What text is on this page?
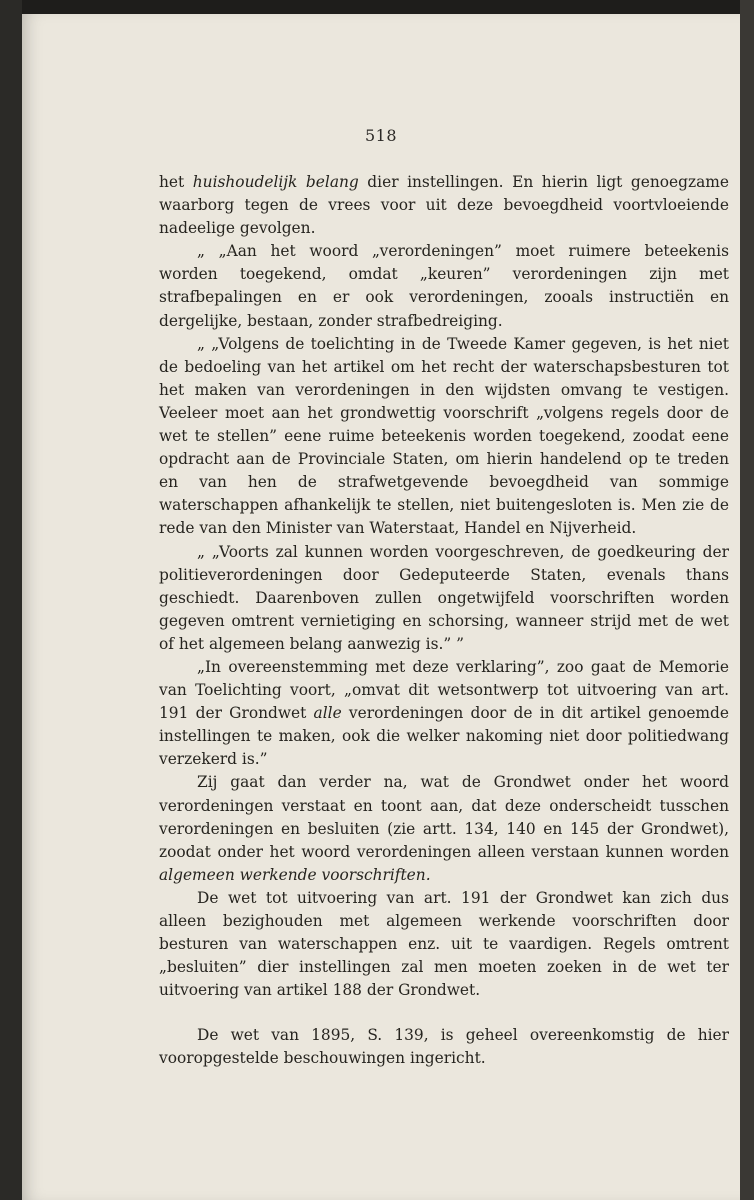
518

het huishoudelijk belang dier instellingen. En hierin ligt genoegzame waarborg tegen de vrees voor uit deze bevoegdheid voortvloeiende nadeelige gevolgen.

„ „Aan het woord „verordeningen” moet ruimere beteekenis worden toegekend, omdat „keuren” verordeningen zijn met strafbepalingen en er ook verordeningen, zooals instructiën en dergelijke, bestaan, zonder strafbedreiging.

„ „Volgens de toelichting in de Tweede Kamer gegeven, is het niet de bedoeling van het artikel om het recht der waterschapsbesturen tot het maken van verordeningen in den wijdsten omvang te vestigen. Veeleer moet aan het grondwettig voorschrift „volgens regels door de wet te stellen” eene ruime beteekenis worden toegekend, zoodat eene opdracht aan de Provinciale Staten, om hierin handelend op te treden en van hen de strafwetgevende bevoegdheid van sommige waterschappen afhankelijk te stellen, niet buitengesloten is. Men zie de rede van den Minister van Waterstaat, Handel en Nijverheid.

„ „Voorts zal kunnen worden voorgeschreven, de goedkeuring der politieverordeningen door Gedeputeerde Staten, evenals thans geschiedt. Daarenboven zullen ongetwijfeld voorschriften worden gegeven omtrent vernietiging en schorsing, wanneer strijd met de wet of het algemeen belang aanwezig is.” ”

„In overeenstemming met deze verklaring”, zoo gaat de Memorie van Toelichting voort, „omvat dit wetsontwerp tot uitvoering van art. 191 der Grondwet alle verordeningen door de in dit artikel genoemde instellingen te maken, ook die welker nakoming niet door politiedwang verzekerd is.”

Zij gaat dan verder na, wat de Grondwet onder het woord verordeningen verstaat en toont aan, dat deze onderscheidt tusschen verordeningen en besluiten (zie artt. 134, 140 en 145 der Grondwet), zoodat onder het woord verordeningen alleen verstaan kunnen worden algemeen werkende voorschriften.

De wet tot uitvoering van art. 191 der Grondwet kan zich dus alleen bezighouden met algemeen werkende voorschriften door besturen van waterschappen enz. uit te vaardigen. Regels omtrent „besluiten” dier instellingen zal men moeten zoeken in de wet ter uitvoering van artikel 188 der Grondwet.

De wet van 1895, S. 139, is geheel overeenkomstig de hier vooropgestelde beschouwingen ingericht.
